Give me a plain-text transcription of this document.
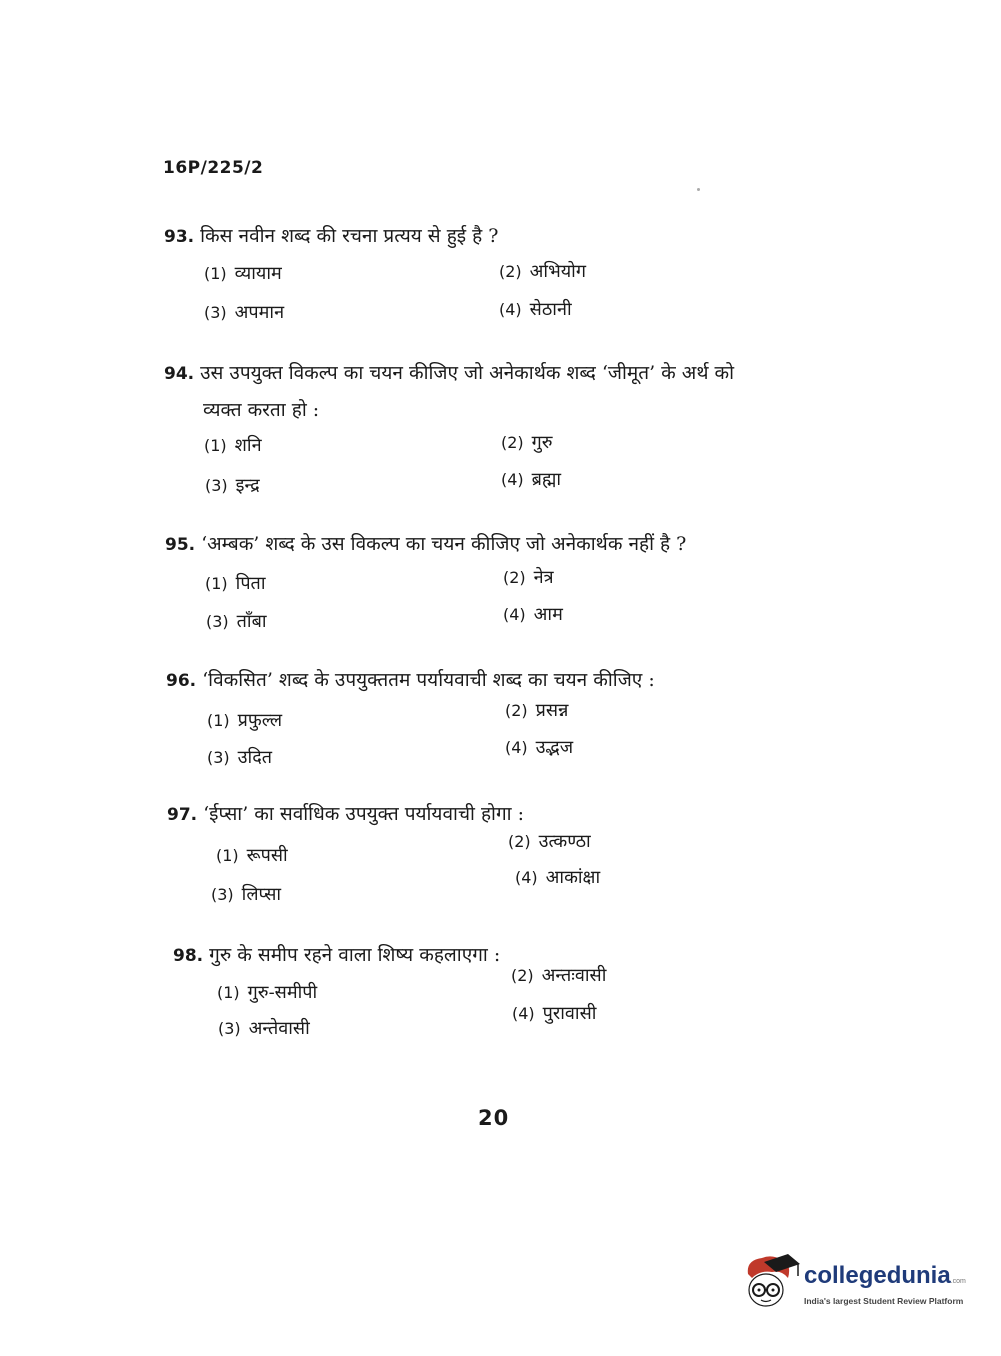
16P/225/2
93. किस नवीन शब्द की रचना प्रत्यय से हुई है ?
(1) व्यायाम	(2) अभियोग
(3) अपमान	(4) सेठानी
94. उस उपयुक्त विकल्प का चयन कीजिए जो अनेकार्थक शब्द ‘जीमूत’ के अर्थ को
व्यक्त करता हो :
(1) शनि	(2) गुरु
(3) इन्द्र	(4) ब्रह्मा
95. ‘अम्बक’ शब्द के उस विकल्प का चयन कीजिए जो अनेकार्थक नहीं है ?
(1) पिता	(2) नेत्र
(3) ताँबा	(4) आम
96. ‘विकसित’ शब्द के उपयुक्ततम पर्यायवाची शब्द का चयन कीजिए :
(1) प्रफुल्ल	(2) प्रसन्न
(3) उदित	(4) उद्भज
97. ‘ईप्सा’ का सर्वाधिक उपयुक्त पर्यायवाची होगा :
(1) रूपसी
(2) उत्कण्ठा
(3) लिप्सा
(4) आकांक्षा
98. गुरु के समीप रहने वाला शिष्य कहलाएगा :
(1) गुरु-समीपी
(2) अन्तःवासी
(3) अन्तेवासी
(4) पुरावासी
20
collegedunia.com
India's largest Student Review Platform
